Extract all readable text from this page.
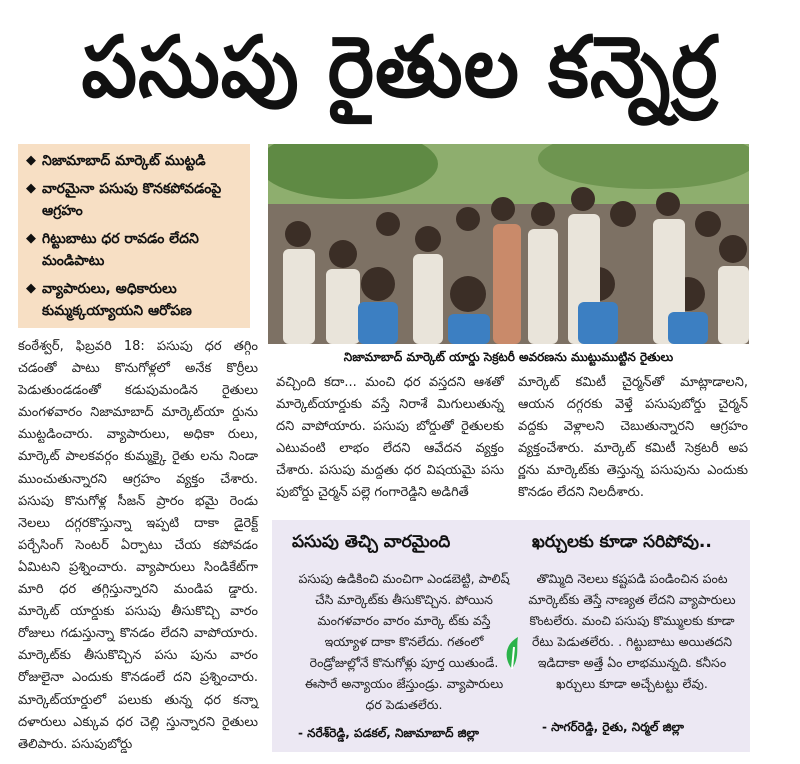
పసుపు రైతుల కన్నెర్ర
◆ నిజామాబాద్ మార్కెట్ ముట్టడి
◆ వారమైనా పసుపు కొనకపోవడంపై ఆగ్రహం
◆ గిట్టుబాటు ధర రావడం లేదని మండిపాటు
◆ వ్యాపారులు, అధికారులు కుమ్మక్కయ్యాయని ఆరోపణ
నిజామాబాద్ మార్కెట్ యార్డు సెక్రటరీ అవరణను ముట్టుముట్టిన రైతులు

కంఠేశ్వర్, ఫిబ్రవరి 18: పసుపు ధర తగ్గిం చడంతో పాటు కొనుగోళ్లలో అనేక కొర్రీలు పెడుతుండడంతో కడుపుమండిన రైతులు మంగళవారం నిజామాబాద్ మార్కెట్‌యా ర్డును ముట్టడించారు. వ్యాపారులు, అధికా రులు, మార్కెట్ పాలకవర్గం కుమ్మక్కై రైతు లను నిండా ముంచుతున్నారని ఆగ్రహం వ్యక్తం చేశారు. పసుపు కొనుగోళ్ల సీజన్ ప్రారం భమై రెండు నెలలు దగ్గరకొస్తున్నా ఇప్పటి దాకా డైరెక్ట్ పర్చేసింగ్ సెంటర్ ఏర్పాటు చేయ కపోవడం ఏమిటని ప్రశ్నించారు. వ్యాపారులు సిండికేట్‌గా మారి ధర తగ్గిస్తున్నారని మండిప డ్డారు. మార్కెట్ యార్డుకు పసుపు తీసుకొచ్చి వారం రోజులు గడుస్తున్నా కొనడం లేదని వాపోయారు. మార్కెట్‌కు తీసుకొచ్చిన పసు పును వారం రోజులైనా ఎందుకు కొనడంలే దని ప్రశ్నించారు. మార్కెట్‌యార్డులో పలుకు తున్న ధర కన్నా దళారులు ఎక్కువ ధర చెల్లి స్తున్నారని రైతులు తెలిపారు. పసుపుబోర్డు

వచ్చింది కదా... మంచి ధర వస్తదని ఆశతో మార్కెట్‌యార్డుకు వస్తే నిరాశే మిగులుతున్న దని వాపోయారు. పసుపు బోర్డుతో రైతులకు ఎటువంటి లాభం లేదని ఆవేదన వ్యక్తం చేశారు. పసుపు మద్దతు ధర విషయమై పసు పుబోర్డు చైర్మన్ పల్లె గంగారెడ్డిని అడిగితే

మార్కెట్ కమిటీ చైర్మన్‌తో మాట్లాడాలని, ఆయన దగ్గరకు వెళ్తే పసుపుబోర్డు చైర్మన్ వద్దకు వెళ్లాలని చెబుతున్నారని ఆగ్రహం వ్యక్తంచేశారు. మార్కెట్ కమిటీ సెక్రటరీ అప ర్ణను మార్కెట్‌కు తెస్తున్న పసుపును ఎందుకు కొనడం లేదని నిలదీశారు.

పసుపు తెచ్చి వారమైంది	ఖర్చులకు కూడా సరిపోవు..
పసుపు ఉడికించి మంచిగా ఎండబెట్టి, పాలిష్ చేసి మార్కెట్‌కు తీసుకొచ్చిన. పోయిన మంగళవారం వారం మార్కె ట్‌కు వస్తే ఇయ్యాళ దాకా కొనలేదు. గతంలో రెండ్రోజుల్లోనే కొనుగోళ్లు పూర్త యితుండే. ఈసారే అన్యాయం జేస్తుండ్రు. వ్యాపారులు ధర పెడుతలేరు.
తొమ్మిది నెలలు కష్టపడి పండించిన పంట మార్కెట్‌కు తెస్తే నాణ్యత లేదని వ్యాపారులు కొంటలేరు. మంచి పసుపు కొమ్ములకు కూడా రేటు పెడుతలేరు. . గిట్టుబాటు అయితదని ఇడిదాకా అత్తే ఏం లాభమున్నది. కనీసం ఖర్చులు కూడా అచ్చేటట్టు లేవు.
- నరేశ్‌రెడ్డి, పడకల్, నిజామాబాద్ జిల్లా	- సాగర్‌రెడ్డి, రైతు, నిర్మల్ జిల్లా
